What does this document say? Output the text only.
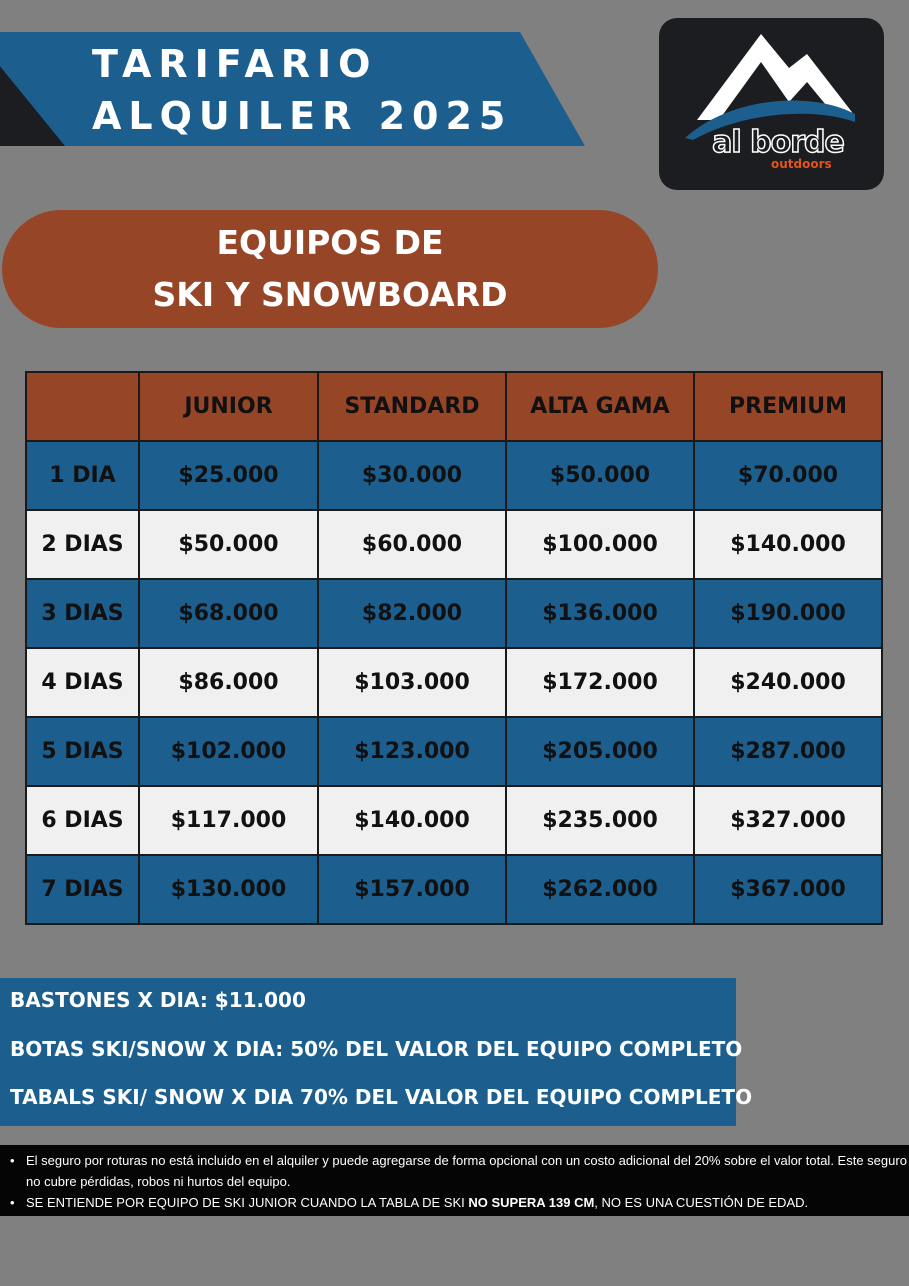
TARIFARIO
ALQUILER 2025
al borde
outdoors
EQUIPOS DE
SKI Y SNOWBOARD
	JUNIOR	STANDARD	ALTA GAMA	PREMIUM
1 DIA	$25.000	$30.000	$50.000	$70.000
2 DIAS	$50.000	$60.000	$100.000	$140.000
3 DIAS	$68.000	$82.000	$136.000	$190.000
4 DIAS	$86.000	$103.000	$172.000	$240.000
5 DIAS	$102.000	$123.000	$205.000	$287.000
6 DIAS	$117.000	$140.000	$235.000	$327.000
7 DIAS	$130.000	$157.000	$262.000	$367.000
BASTONES X DIA: $11.000
BOTAS SKI/SNOW X DIA: 50% DEL VALOR DEL EQUIPO COMPLETO
TABALS SKI/ SNOW X DIA 70% DEL VALOR DEL EQUIPO COMPLETO
• El seguro por roturas no está incluido en el alquiler y puede agregarse de forma opcional con un costo adicional del 20% sobre el valor total. Este seguro no cubre pérdidas, robos ni hurtos del equipo.
• SE ENTIENDE POR EQUIPO DE SKI JUNIOR CUANDO LA TABLA DE SKI NO SUPERA 139 CM, NO ES UNA CUESTIÓN DE EDAD.
